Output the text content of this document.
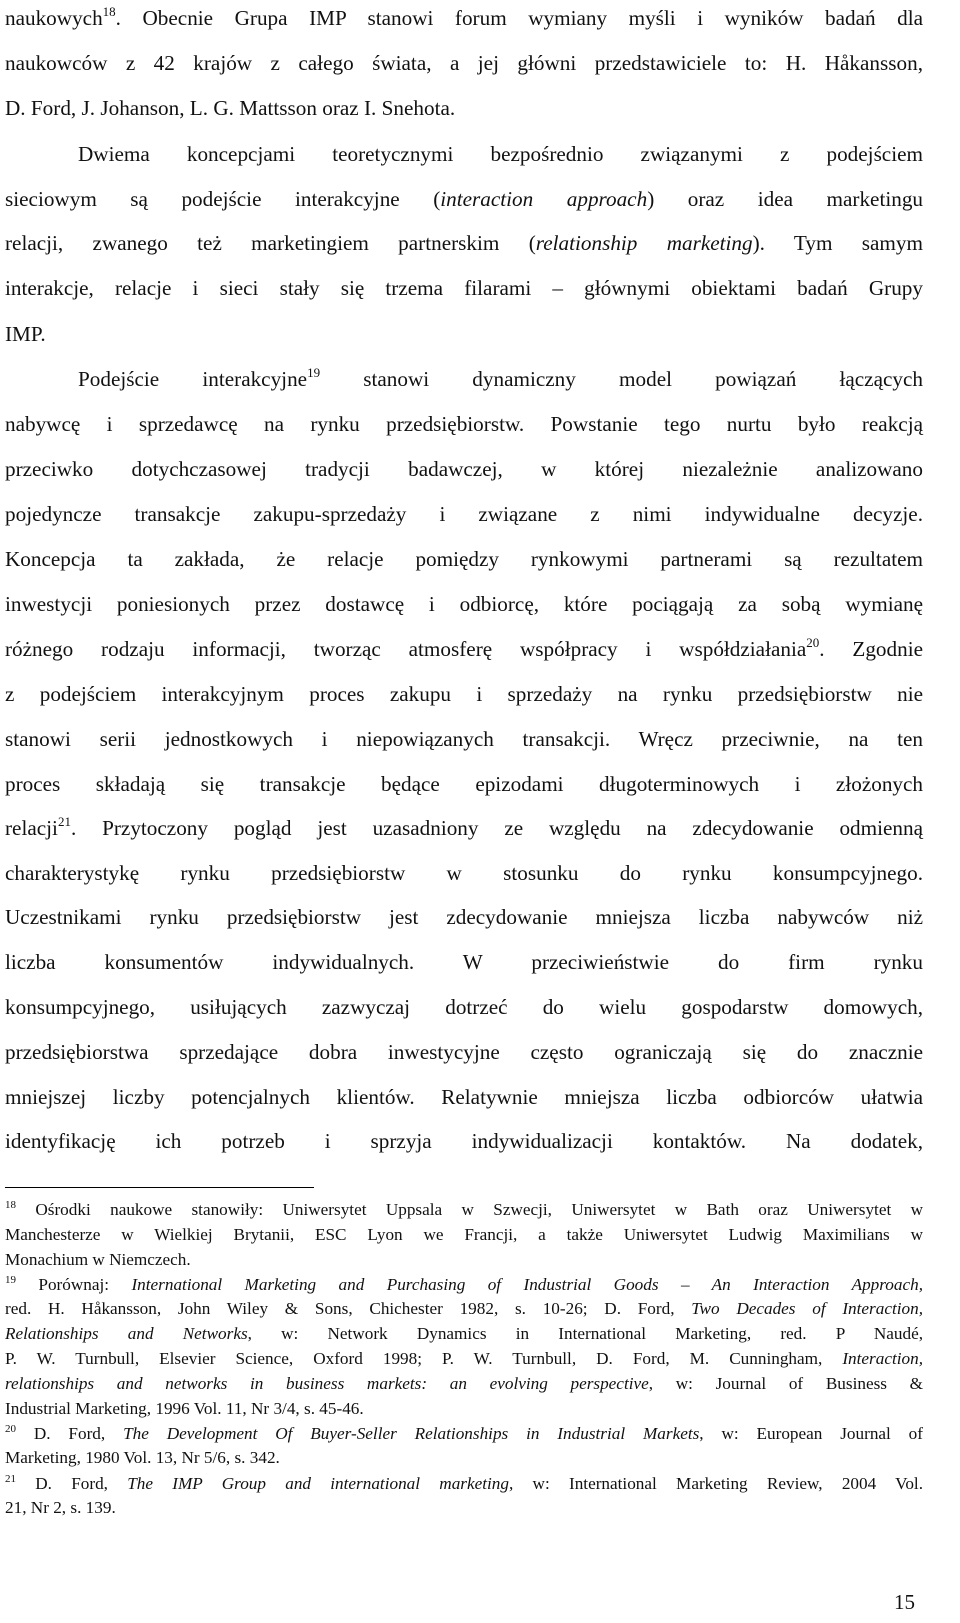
naukowych$^{18}$. Obecnie Grupa IMP stanowi forum wymiany myśli i wyników badań dla
naukowców z 42 krajów z całego świata, a jej główni przedstawiciele to: H. Håkansson,
D. Ford, J. Johanson, L. G. Mattsson oraz I. Snehota.
Dwiema koncepcjami teoretycznymi bezpośrednio związanymi z podejściem
sieciowym są podejście interakcyjne (interaction approach) oraz idea marketingu
relacji, zwanego też marketingiem partnerskim (relationship marketing). Tym samym
interakcje, relacje i sieci stały się trzema filarami – głównymi obiektami badań Grupy
IMP.
Podejście interakcyjne$^{19}$ stanowi dynamiczny model powiązań łączących
nabywcę i sprzedawcę na rynku przedsiębiorstw. Powstanie tego nurtu było reakcją
przeciwko dotychczasowej tradycji badawczej, w której niezależnie analizowano
pojedyncze transakcje zakupu-sprzedaży i związane z nimi indywidualne decyzje.
Koncepcja ta zakłada, że relacje pomiędzy rynkowymi partnerami są rezultatem
inwestycji poniesionych przez dostawcę i odbiorcę, które pociągają za sobą wymianę
różnego rodzaju informacji, tworząc atmosferę współpracy i współdziałania$^{20}$. Zgodnie
z podejściem interakcyjnym proces zakupu i sprzedaży na rynku przedsiębiorstw nie
stanowi serii jednostkowych i niepowiązanych transakcji. Wręcz przeciwnie, na ten
proces składają się transakcje będące epizodami długoterminowych i złożonych
relacji$^{21}$. Przytoczony pogląd jest uzasadniony ze względu na zdecydowanie odmienną
charakterystykę rynku przedsiębiorstw w stosunku do rynku konsumpcyjnego.
Uczestnikami rynku przedsiębiorstw jest zdecydowanie mniejsza liczba nabywców niż
liczba konsumentów indywidualnych. W przeciwieństwie do firm rynku
konsumpcyjnego, usiłujących zazwyczaj dotrzeć do wielu gospodarstw domowych,
przedsiębiorstwa sprzedające dobra inwestycyjne często ograniczają się do znacznie
mniejszej liczby potencjalnych klientów. Relatywnie mniejsza liczba odbiorców ułatwia
identyfikację ich potrzeb i sprzyja indywidualizacji kontaktów. Na dodatek,
$^{18}$ Ośrodki naukowe stanowiły: Uniwersytet Uppsala w Szwecji, Uniwersytet w Bath oraz Uniwersytet w
Manchesterze w Wielkiej Brytanii, ESC Lyon we Francji, a także Uniwersytet Ludwig Maximilians w
Monachium w Niemczech.
$^{19}$ Porównaj: International Marketing and Purchasing of Industrial Goods – An Interaction Approach,
red. H. Håkansson, John Wiley & Sons, Chichester 1982, s. 10-26; D. Ford, Two Decades of Interaction,
Relationships and Networks, w: Network Dynamics in International Marketing, red. P Naudé,
P. W. Turnbull, Elsevier Science, Oxford 1998; P. W. Turnbull, D. Ford, M. Cunningham, Interaction,
relationships and networks in business markets: an evolving perspective, w: Journal of Business &
Industrial Marketing, 1996 Vol. 11, Nr 3/4, s. 45-46.
$^{20}$ D. Ford, The Development Of Buyer-Seller Relationships in Industrial Markets, w: European Journal of
Marketing, 1980 Vol. 13, Nr 5/6, s. 342.
$^{21}$ D. Ford, The IMP Group and international marketing, w: International Marketing Review, 2004 Vol.
21, Nr 2, s. 139.
15
